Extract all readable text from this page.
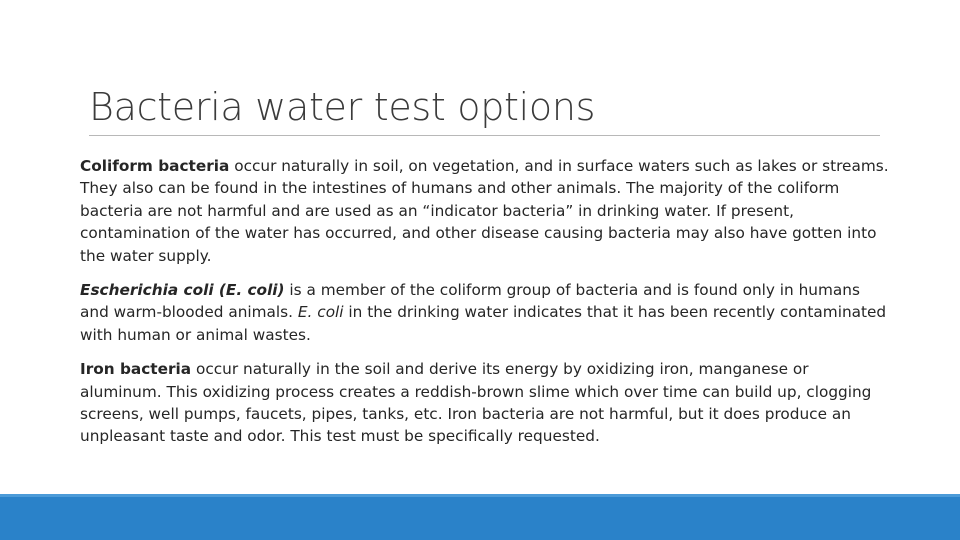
Bacteria water test options

Coliform bacteria occur naturally in soil, on vegetation, and in surface waters such as lakes or streams. They also can be found in the intestines of humans and other animals. The majority of the coliform bacteria are not harmful and are used as an “indicator bacteria” in drinking water. If present, contamination of the water has occurred, and other disease causing bacteria may also have gotten into the water supply.

Escherichia coli (E. coli) is a member of the coliform group of bacteria and is found only in humans and warm-blooded animals. E. coli in the drinking water indicates that it has been recently contaminated with human or animal wastes.

Iron bacteria occur naturally in the soil and derive its energy by oxidizing iron, manganese or aluminum. This oxidizing process creates a reddish-brown slime which over time can build up, clogging screens, well pumps, faucets, pipes, tanks, etc. Iron bacteria are not harmful, but it does produce an unpleasant taste and odor. This test must be specifically requested.
